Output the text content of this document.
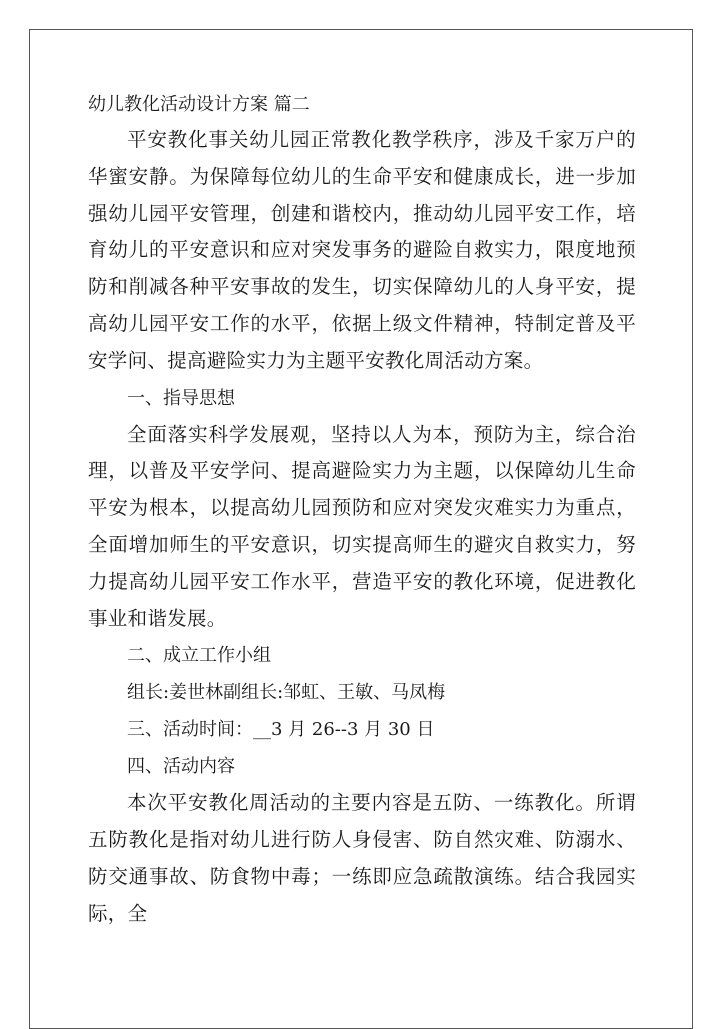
幼儿教化活动设计方案 篇二

平安教化事关幼儿园正常教化教学秩序，涉及千家万户的华蜜安静。为保障每位幼儿的生命平安和健康成长，进一步加强幼儿园平安管理，创建和谐校内，推动幼儿园平安工作，培育幼儿的平安意识和应对突发事务的避险自救实力，限度地预防和削减各种平安事故的发生，切实保障幼儿的人身平安，提高幼儿园平安工作的水平，依据上级文件精神，特制定普及平安学问、提高避险实力为主题平安教化周活动方案。

一、指导思想

全面落实科学发展观，坚持以人为本，预防为主，综合治理，以普及平安学问、提高避险实力为主题，以保障幼儿生命平安为根本，以提高幼儿园预防和应对突发灾难实力为重点，全面增加师生的平安意识，切实提高师生的避灾自救实力，努力提高幼儿园平安工作水平，营造平安的教化环境，促进教化事业和谐发展。

二、成立工作小组

组长:姜世林副组长:邹虹、王敏、马凤梅

三、活动时间：__3 月 26--3 月 30 日

四、活动内容

本次平安教化周活动的主要内容是五防、一练教化。所谓五防教化是指对幼儿进行防人身侵害、防自然灾难、防溺水、防交通事故、防食物中毒；一练即应急疏散演练。结合我园实际，全
